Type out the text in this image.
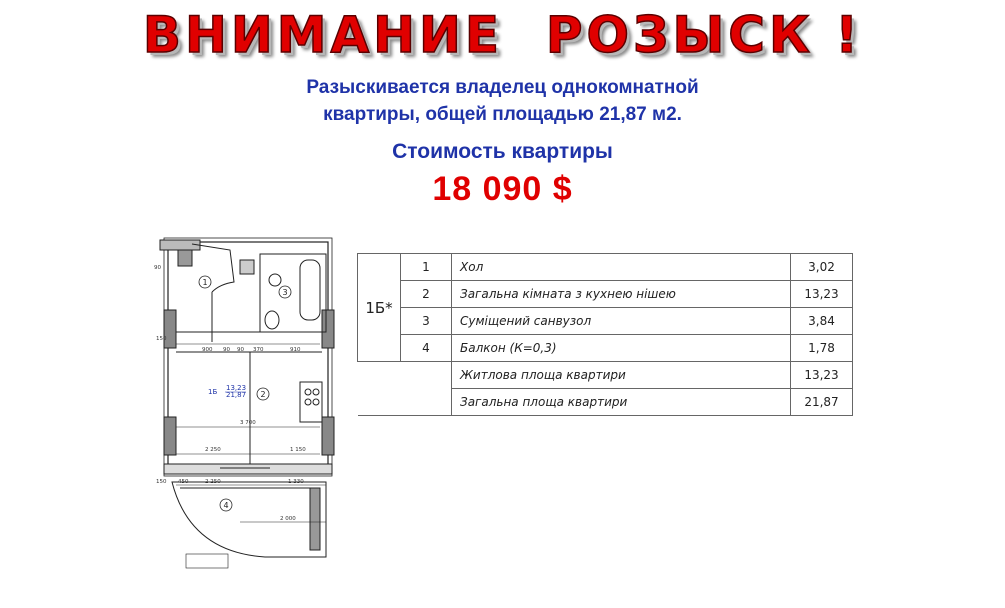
ВНИМАНИЕ  РОЗЫСК !
Разыскивается владелец однокомнатной
квартиры, общей площадью 21,87 м2.
Стоимость квартиры
18 090 $
1
3
2
4
1Б 13,23
21,87
900 90 90 370	910
3 700
2 250	1 150
2 250	1 330
450
2 000
150
150
90
1Б*	1	Хол	3,02
	2	Загальна кімната з кухнею нішею	13,23
	3	Суміщений санвузол	3,84
	4	Балкон (К=0,3)	1,78
		Житлова площа квартири	13,23
		Загальна площа квартири	21,87
